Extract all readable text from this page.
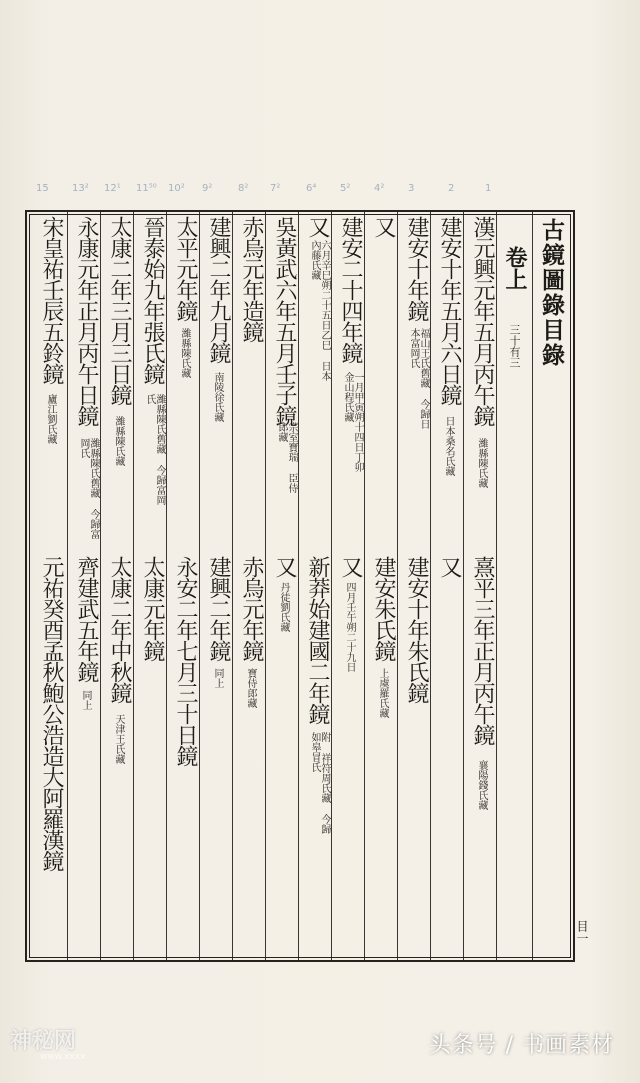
15 13² 12¹ 11⁵⁰ 10² 9²	8² 7²	6⁴ 5² 4² 3	2	1
古鏡圖錄目錄
卷上
三十有三
漢元興元年五月丙午鏡
濰縣陳氏藏
熹平三年正月丙午鏡
襄陽錢氏藏
建安十年五月六日鏡
日本桑名氏藏
又
建安十年鏡
福山王氏舊藏 今歸日本富岡氏
建安十年朱氏鏡
又
建安朱氏鏡
上虞羅氏藏
建安二十四年鏡
一月甲寅朔十四日丁卯 金山程氏藏
又
四月壬午朔二十九日
又
六月辛巳朔二十五日乙巳 日本內藤氏藏
新莽始建國二年鏡
附 祥符周氏藏 今歸如皋冒氏
吳黃武六年五月壬子鏡
宗室寶瑞 臣侍郎藏
又
丹徒劉氏藏
赤烏元年造鏡
赤烏元年鏡
寶侍郎藏
建興二年九月鏡
南陵徐氏藏
建興二年鏡
同上
太平元年鏡
濰縣陳氏藏
永安二年七月三十日鏡
晉泰始九年張氏鏡
濰縣陳氏舊藏 今歸富岡氏
太康元年鏡
太康二年三月三日鏡
濰縣陳氏藏
太康二年中秋鏡
天津王氏藏
永康元年正月丙午日鏡
濰縣陳氏舊藏 今歸富岡氏
齊建武五年鏡
同上
宋皇祐壬辰五鈴鏡
廬江劉氏藏
元祐癸酉孟秋鮑公浩造大阿羅漢鏡
目一
神秘网
www.xxxx	头条号 / 书画素材
